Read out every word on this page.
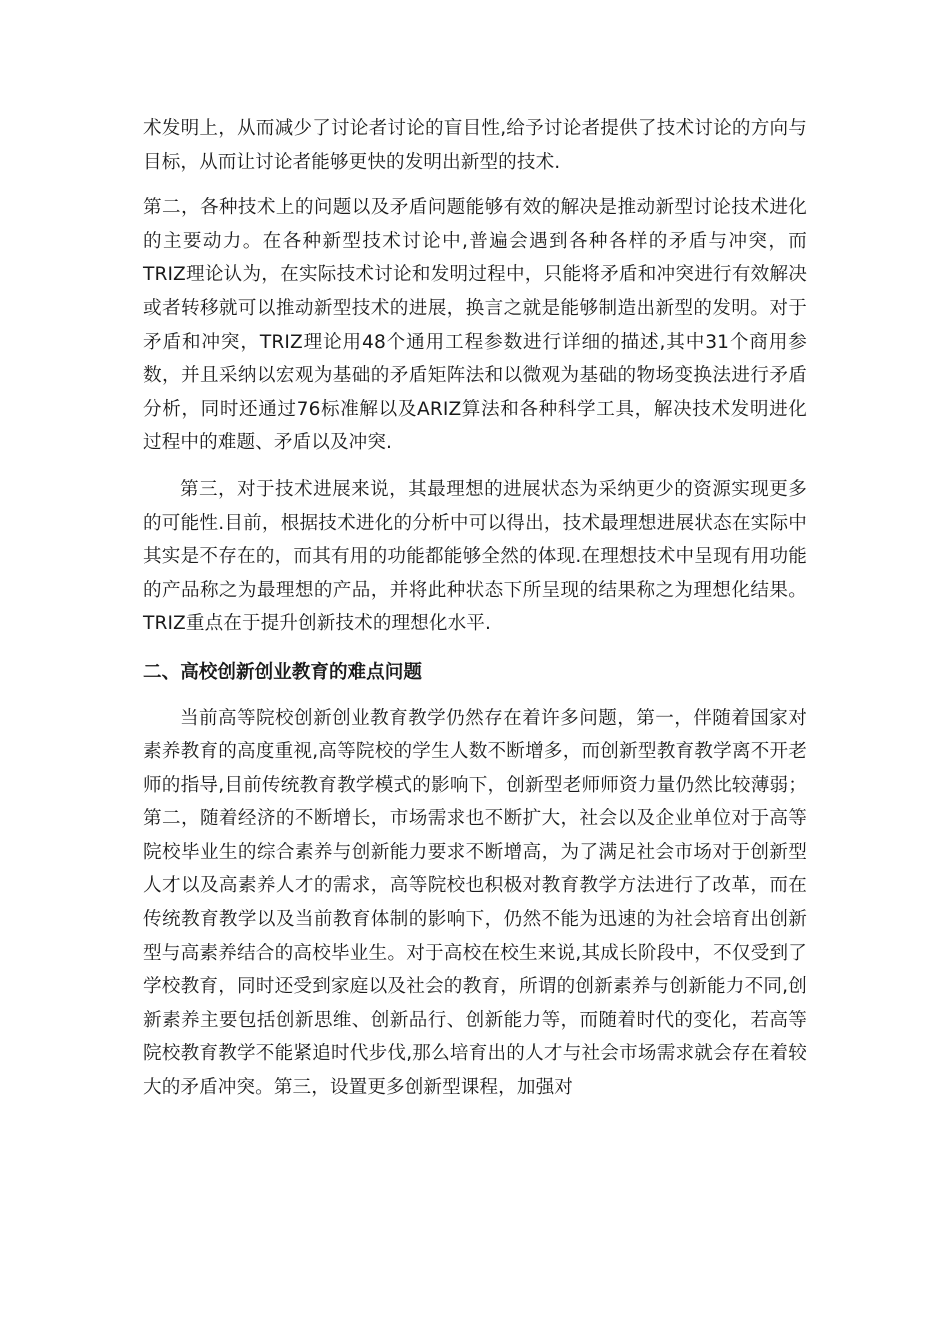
术发明上，从而减少了讨论者讨论的盲目性,给予讨论者提供了技术讨论的方向与目标，从而让讨论者能够更快的发明出新型的技术.

第二，各种技术上的问题以及矛盾问题能够有效的解决是推动新型讨论技术进化的主要动力。在各种新型技术讨论中,普遍会遇到各种各样的矛盾与冲突，而TRIZ理论认为，在实际技术讨论和发明过程中，只能将矛盾和冲突进行有效解决或者转移就可以推动新型技术的进展，换言之就是能够制造出新型的发明。对于矛盾和冲突，TRIZ理论用48个通用工程参数进行详细的描述,其中31个商用参数，并且采纳以宏观为基础的矛盾矩阵法和以微观为基础的物场变换法进行矛盾分析，同时还通过76标准解以及ARIZ算法和各种科学工具，解决技术发明进化过程中的难题、矛盾以及冲突.

第三，对于技术进展来说，其最理想的进展状态为采纳更少的资源实现更多的可能性.目前，根据技术进化的分析中可以得出，技术最理想进展状态在实际中其实是不存在的，而其有用的功能都能够全然的体现.在理想技术中呈现有用功能的产品称之为最理想的产品，并将此种状态下所呈现的结果称之为理想化结果。TRIZ重点在于提升创新技术的理想化水平.

二、高校创新创业教育的难点问题

当前高等院校创新创业教育教学仍然存在着许多问题，第一，伴随着国家对素养教育的高度重视,高等院校的学生人数不断增多，而创新型教育教学离不开老师的指导,目前传统教育教学模式的影响下，创新型老师师资力量仍然比较薄弱；第二，随着经济的不断增长，市场需求也不断扩大，社会以及企业单位对于高等院校毕业生的综合素养与创新能力要求不断增高，为了满足社会市场对于创新型人才以及高素养人才的需求，高等院校也积极对教育教学方法进行了改革，而在传统教育教学以及当前教育体制的影响下，仍然不能为迅速的为社会培育出创新型与高素养结合的高校毕业生。对于高校在校生来说,其成长阶段中，不仅受到了学校教育，同时还受到家庭以及社会的教育，所谓的创新素养与创新能力不同,创新素养主要包括创新思维、创新品行、创新能力等，而随着时代的变化，若高等院校教育教学不能紧追时代步伐,那么培育出的人才与社会市场需求就会存在着较大的矛盾冲突。第三，设置更多创新型课程，加强对
